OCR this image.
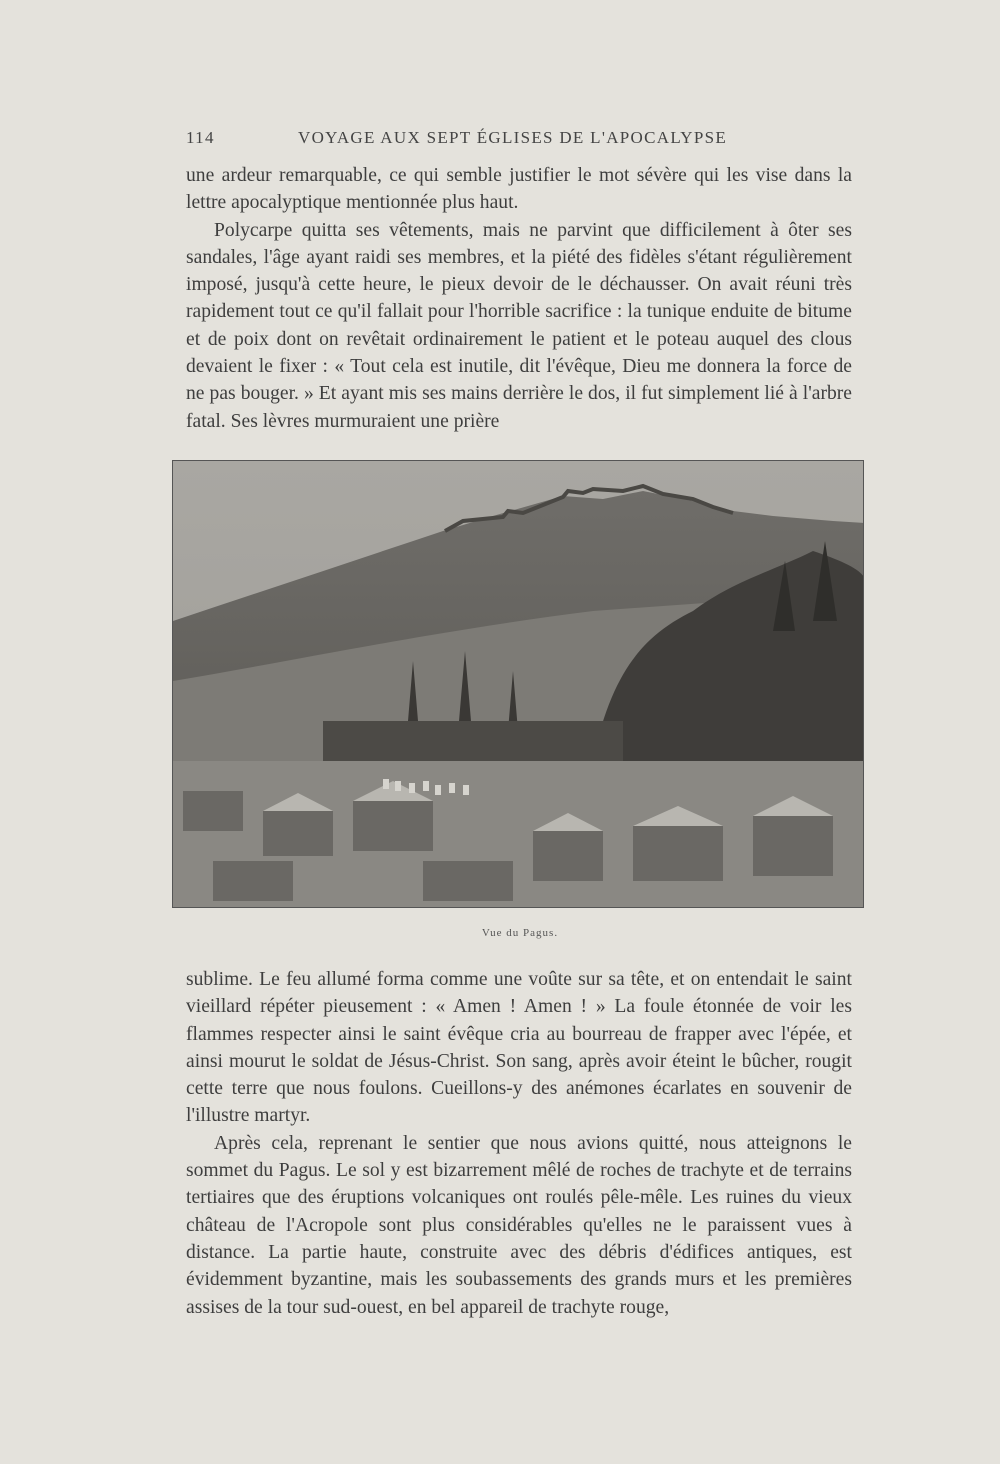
114	VOYAGE AUX SEPT ÉGLISES DE L'APOCALYPSE

une ardeur remarquable, ce qui semble justifier le mot sévère qui les vise dans la lettre apocalyptique mentionnée plus haut.

Polycarpe quitta ses vêtements, mais ne parvint que difficilement à ôter ses sandales, l'âge ayant raidi ses membres, et la piété des fidèles s'étant régulièrement imposé, jusqu'à cette heure, le pieux devoir de le déchausser. On avait réuni très rapidement tout ce qu'il fallait pour l'horrible sacrifice : la tunique enduite de bitume et de poix dont on revêtait ordinairement le patient et le poteau auquel des clous devaient le fixer : « Tout cela est inutile, dit l'évêque, Dieu me donnera la force de ne pas bouger. » Et ayant mis ses mains derrière le dos, il fut simplement lié à l'arbre fatal. Ses lèvres murmuraient une prière

Vue du Pagus.

sublime. Le feu allumé forma comme une voûte sur sa tête, et on entendait le saint vieillard répéter pieusement : « Amen ! Amen ! » La foule étonnée de voir les flammes respecter ainsi le saint évêque cria au bourreau de frapper avec l'épée, et ainsi mourut le soldat de Jésus-Christ. Son sang, après avoir éteint le bûcher, rougit cette terre que nous foulons. Cueillons-y des anémones écarlates en souvenir de l'illustre martyr.

Après cela, reprenant le sentier que nous avions quitté, nous atteignons le sommet du Pagus. Le sol y est bizarrement mêlé de roches de trachyte et de terrains tertiaires que des éruptions volcaniques ont roulés pêle-mêle. Les ruines du vieux château de l'Acropole sont plus considérables qu'elles ne le paraissent vues à distance. La partie haute, construite avec des débris d'édifices antiques, est évidemment byzantine, mais les soubassements des grands murs et les premières assises de la tour sud-ouest, en bel appareil de trachyte rouge,
